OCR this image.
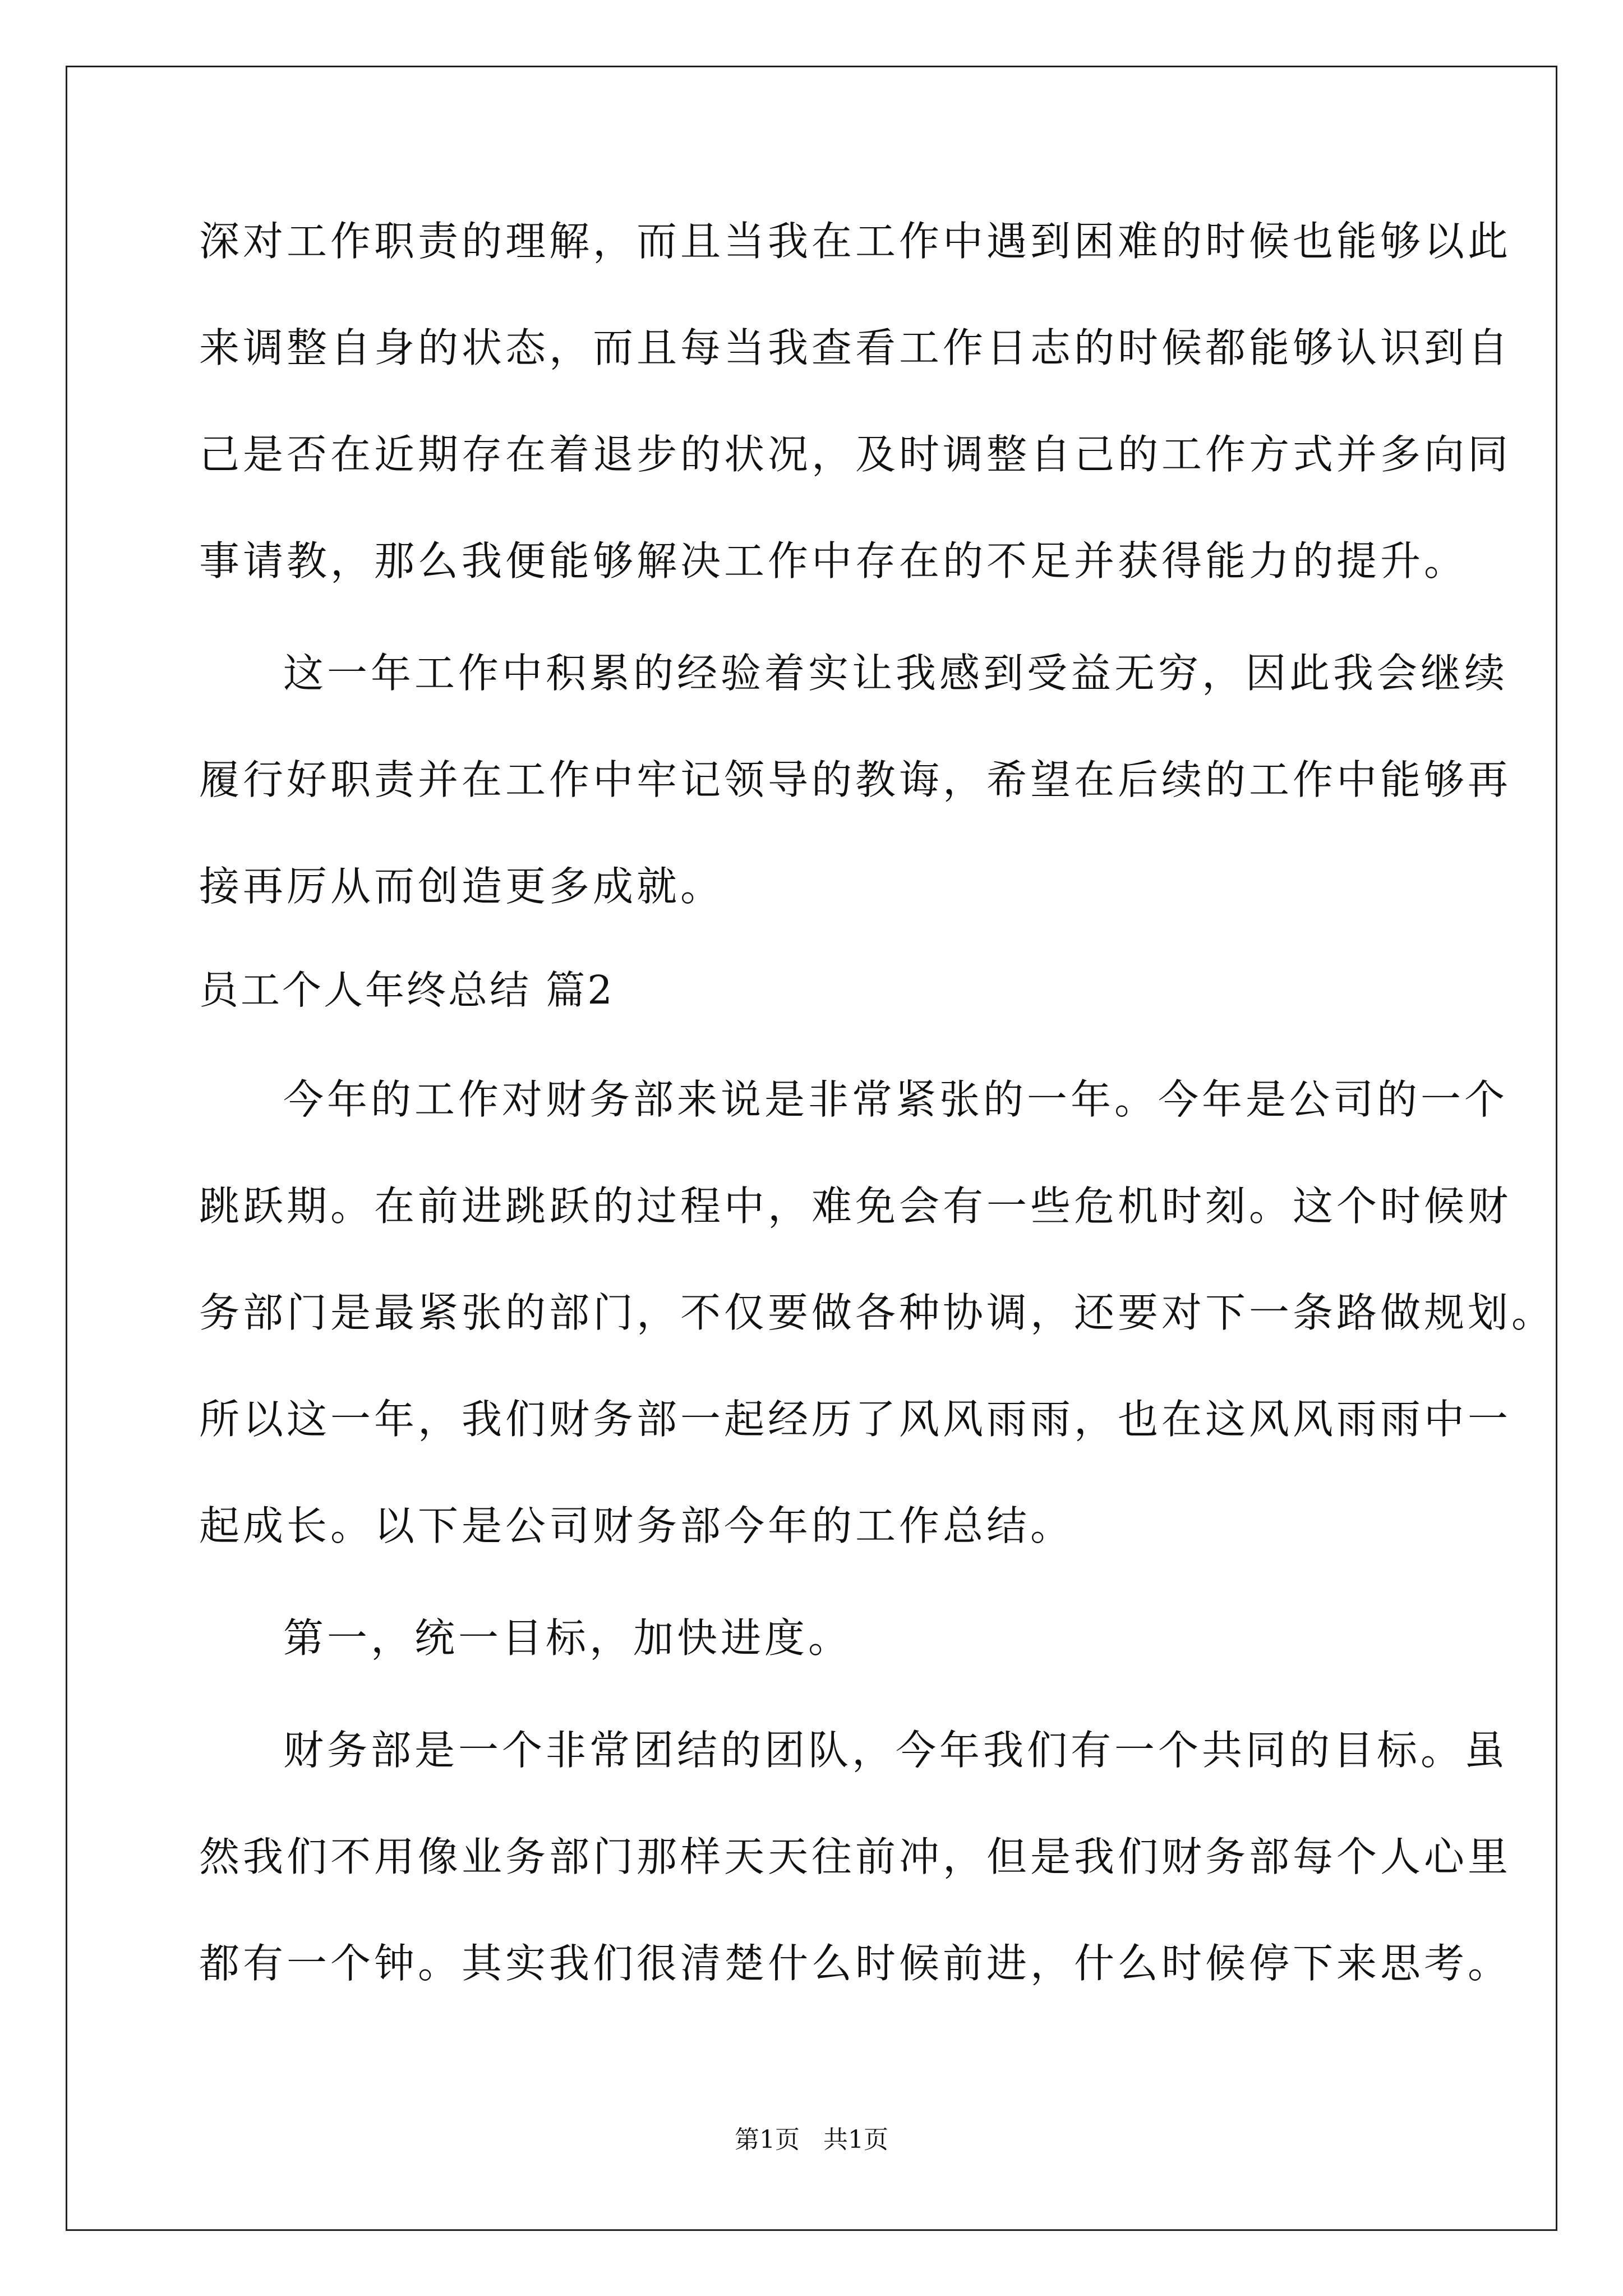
深对工作职责的理解，而且当我在工作中遇到困难的时候也能够以此
来调整自身的状态，而且每当我查看工作日志的时候都能够认识到自
己是否在近期存在着退步的状况，及时调整自己的工作方式并多向同
事请教，那么我便能够解决工作中存在的不足并获得能力的提升。
这一年工作中积累的经验着实让我感到受益无穷，因此我会继续
履行好职责并在工作中牢记领导的教诲，希望在后续的工作中能够再
接再厉从而创造更多成就。
员工个人年终总结 篇2
今年的工作对财务部来说是非常紧张的一年。今年是公司的一个
跳跃期。在前进跳跃的过程中，难免会有一些危机时刻。这个时候财
务部门是最紧张的部门，不仅要做各种协调，还要对下一条路做规划。
所以这一年，我们财务部一起经历了风风雨雨，也在这风风雨雨中一
起成长。以下是公司财务部今年的工作总结。
第一，统一目标，加快进度。
财务部是一个非常团结的团队，今年我们有一个共同的目标。虽
然我们不用像业务部门那样天天往前冲，但是我们财务部每个人心里
都有一个钟。其实我们很清楚什么时候前进，什么时候停下来思考。
第1页   共1页
